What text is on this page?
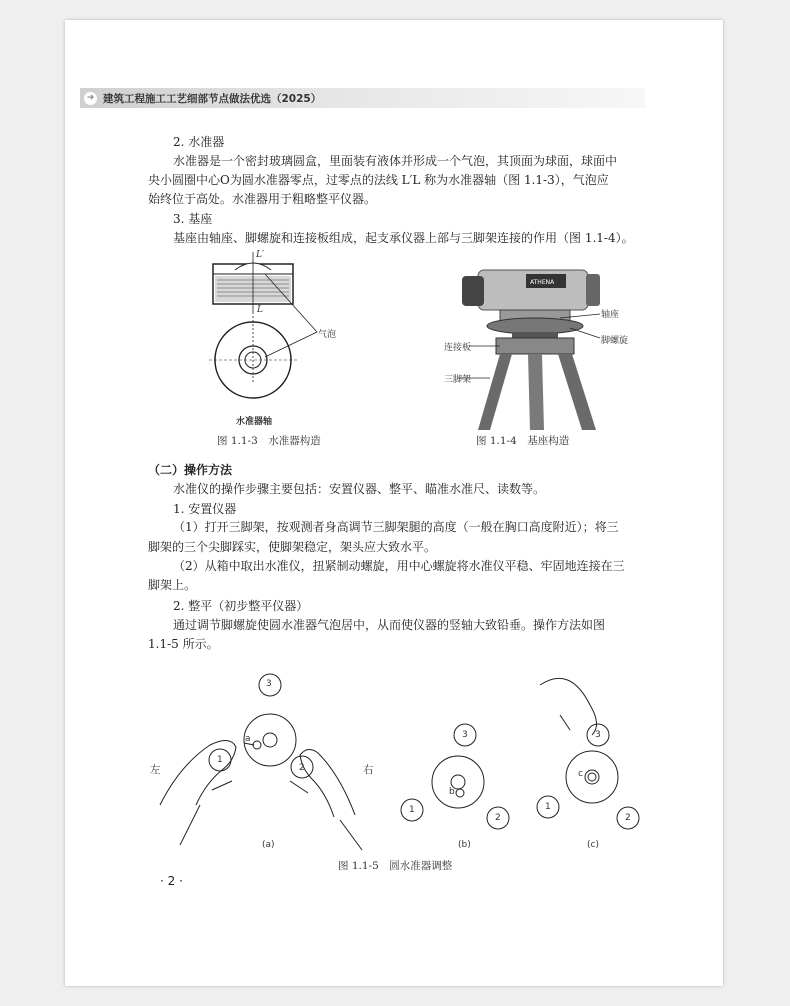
➜ 建筑工程施工工艺细部节点做法优选（2025）
2. 水准器
水准器是一个密封玻璃圆盒，里面装有液体并形成一个气泡，其顶面为球面，球面中
央小圆圈中心O为圆水准器零点，过零点的法线 L′L 称为水准器轴（图 1.1-3），气泡应
始终位于高处。水准器用于粗略整平仪器。
3. 基座
基座由轴座、脚螺旋和连接板组成，起支承仪器上部与三脚架连接的作用（图 1.1-4）。
L′
L
气泡
水准器轴
图 1.1-3　水准器构造
ATHENA
轴座
脚螺旋
连接板
三脚架
图 1.1-4　基座构造
（二）操作方法
水准仪的操作步骤主要包括：安置仪器、整平、瞄准水准尺、读数等。
1. 安置仪器
（1）打开三脚架，按观测者身高调节三脚架腿的高度（一般在胸口高度附近）；将三
脚架的三个尖脚踩实，使脚架稳定，架头应大致水平。
（2）从箱中取出水准仪，扭紧制动螺旋，用中心螺旋将水准仪平稳、牢固地连接在三
脚架上。
2. 整平（初步整平仪器）
通过调节脚螺旋使圆水准器气泡居中，从而使仪器的竖轴大致铅垂。操作方法如图
1.1-5 所示。
3
a
1
2
左	右
3
b
1
2
3
c
1
2
(a)	(b)	(c)
图 1.1-5　圆水准器调整
· 2 ·
